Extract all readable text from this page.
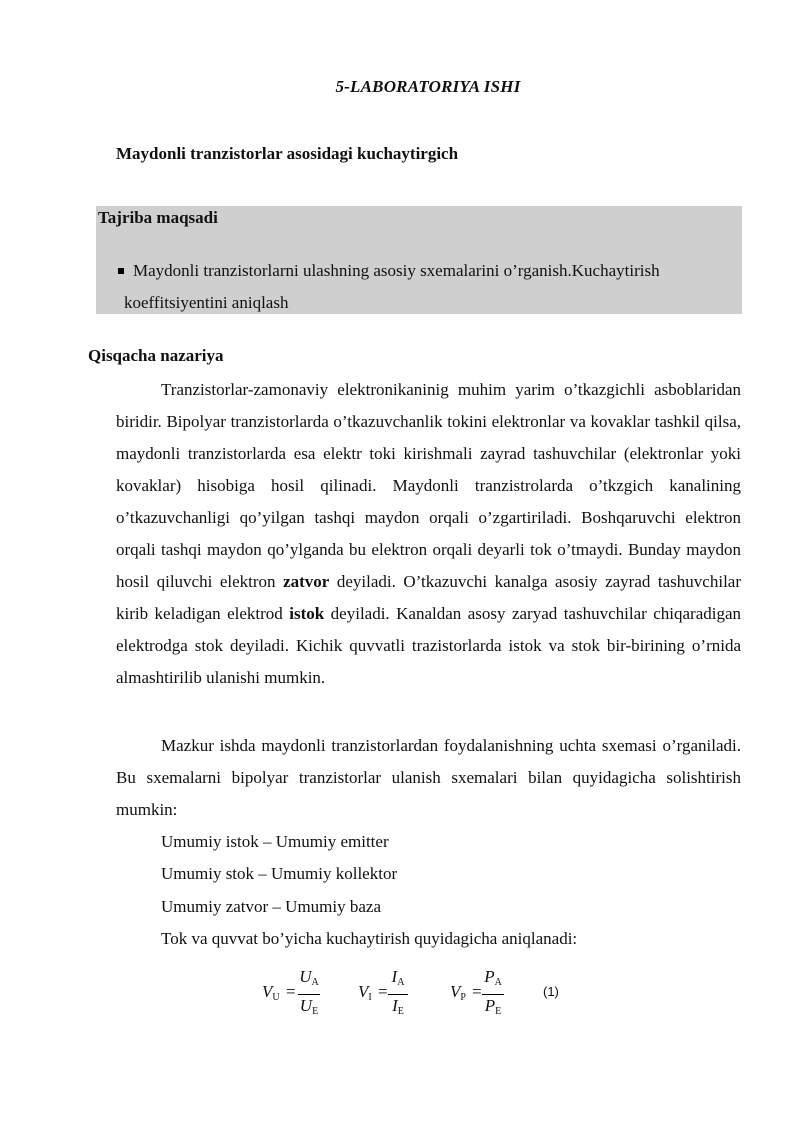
5-LABORATORIYA ISHI
Maydonli tranzistorlar asosidagi kuchaytirgich
Tajriba maqsadi
Maydonli tranzistorlarni ulashning asosiy sxemalarini o’rganish.Kuchaytirish
koeffitsiyentini aniqlash
Qisqacha nazariya

Tranzistorlar-zamonaviy elektronikaninig muhim yarim o’tkazgichli asboblaridan biridir. Bipolyar tranzistorlarda o’tkazuvchanlik tokini elektronlar va kovaklar tashkil qilsa, maydonli tranzistorlarda esa elektr toki kirishmali zayrad tashuvchilar (elektronlar yoki kovaklar) hisobiga hosil qilinadi. Maydonli tranzistrolarda o’tkzgich kanalining o’tkazuvchanligi qo’yilgan tashqi maydon orqali o’zgartiriladi. Boshqaruvchi elektron orqali tashqi maydon qo’ylganda bu elektron orqali deyarli tok o’tmaydi. Bunday maydon hosil qiluvchi elektron zatvor deyiladi. O’tkazuvchi kanalga asosiy zayrad tashuvchilar kirib keladigan elektrod istok deyiladi. Kanaldan asosy zaryad tashuvchilar chiqaradigan elektrodga stok deyiladi. Kichik quvvatli trazistorlarda istok va stok bir-birining o’rnida almashtirilib ulanishi mumkin.

Mazkur ishda maydonli tranzistorlardan foydalanishning uchta sxemasi o’rganiladi. Bu sxemalarni bipolyar tranzistorlar ulanish sxemalari bilan quyidagicha solishtirish mumkin:

Umumiy istok – Umumiy emitter
Umumiy stok – Umumiy kollektor
Umumiy zatvor – Umumiy baza
Tok va quvvat bo’yicha kuchaytirish quyidagicha aniqlanadi:
$V_U$ =
$U_A$
$U_E$
$V_I$ =
$I_A$
$I_E$
$V_P$ =
$P_A$
$P_E$
(1)
